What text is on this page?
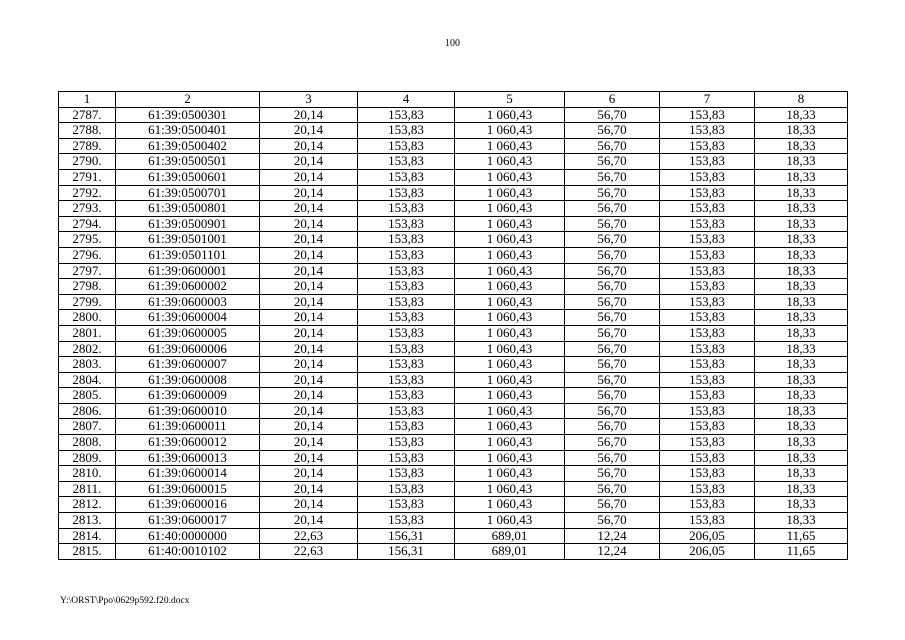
100
1	2	3	4	5	6	7	8
2787.	61:39:0500301	20,14	153,83	1 060,43	56,70	153,83	18,33
2788.	61:39:0500401	20,14	153,83	1 060,43	56,70	153,83	18,33
2789.	61:39:0500402	20,14	153,83	1 060,43	56,70	153,83	18,33
2790.	61:39:0500501	20,14	153,83	1 060,43	56,70	153,83	18,33
2791.	61:39:0500601	20,14	153,83	1 060,43	56,70	153,83	18,33
2792.	61:39:0500701	20,14	153,83	1 060,43	56,70	153,83	18,33
2793.	61:39:0500801	20,14	153,83	1 060,43	56,70	153,83	18,33
2794.	61:39:0500901	20,14	153,83	1 060,43	56,70	153,83	18,33
2795.	61:39:0501001	20,14	153,83	1 060,43	56,70	153,83	18,33
2796.	61:39:0501101	20,14	153,83	1 060,43	56,70	153,83	18,33
2797.	61:39:0600001	20,14	153,83	1 060,43	56,70	153,83	18,33
2798.	61:39:0600002	20,14	153,83	1 060,43	56,70	153,83	18,33
2799.	61:39:0600003	20,14	153,83	1 060,43	56,70	153,83	18,33
2800.	61:39:0600004	20,14	153,83	1 060,43	56,70	153,83	18,33
2801.	61:39:0600005	20,14	153,83	1 060,43	56,70	153,83	18,33
2802.	61:39:0600006	20,14	153,83	1 060,43	56,70	153,83	18,33
2803.	61:39:0600007	20,14	153,83	1 060,43	56,70	153,83	18,33
2804.	61:39:0600008	20,14	153,83	1 060,43	56,70	153,83	18,33
2805.	61:39:0600009	20,14	153,83	1 060,43	56,70	153,83	18,33
2806.	61:39:0600010	20,14	153,83	1 060,43	56,70	153,83	18,33
2807.	61:39:0600011	20,14	153,83	1 060,43	56,70	153,83	18,33
2808.	61:39:0600012	20,14	153,83	1 060,43	56,70	153,83	18,33
2809.	61:39:0600013	20,14	153,83	1 060,43	56,70	153,83	18,33
2810.	61:39:0600014	20,14	153,83	1 060,43	56,70	153,83	18,33
2811.	61:39:0600015	20,14	153,83	1 060,43	56,70	153,83	18,33
2812.	61:39:0600016	20,14	153,83	1 060,43	56,70	153,83	18,33
2813.	61:39:0600017	20,14	153,83	1 060,43	56,70	153,83	18,33
2814.	61:40:0000000	22,63	156,31	689,01	12,24	206,05	11,65
2815.	61:40:0010102	22,63	156,31	689,01	12,24	206,05	11,65
Y:\ORST\Ppo\0629p592.f20.docx
